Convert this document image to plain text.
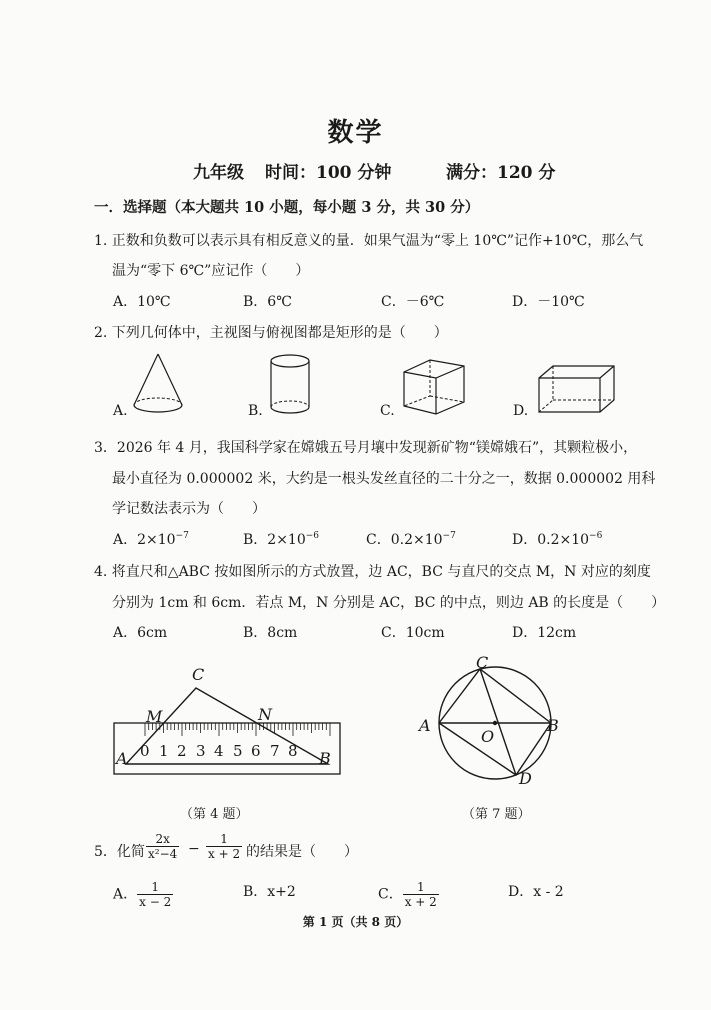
数学
九年级 时间：100 分钟	满分：120 分
一．选择题（本大题共 10 小题，每小题 3 分，共 30 分）
1. 正数和负数可以表示具有相反意义的量．如果气温为“零上 10℃”记作+10℃，那么气
温为“零下 6℃”应记作（　　）
A．10℃	B．6℃	C．－6℃	D．－10℃
2. 下列几何体中，主视图与俯视图都是矩形的是（　　）
A.	B.	C.	D.
3．2026 年 4 月，我国科学家在嫦娥五号月壤中发现新矿物“镁嫦娥石”，其颗粒极小，
最小直径为 0.000002 米，大约是一根头发丝直径的二十分之一，数据 0.000002 用科
学记数法表示为（　　）
A．$2\times 10^{-7}$	B．$2\times 10^{-6}$	C．$0.2\times 10^{-7}$	D．$0.2\times 10^{-6}$
4. 将直尺和△ABC 按如图所示的方式放置，边 AC，BC 与直尺的交点 M，N 对应的刻度
分别为 1cm 和 6cm．若点 M，N 分别是 AC，BC 的中点，则边 AB 的长度是（　　）
A．6cm	B．8cm	C．10cm	D．12cm
0 1 2 3 4 5 6 7 8
C
M	N
A	B
（第 4 题）
C
A
O
B
D
（第 7 题）
5．化简 $\frac{2x}{\text{x²−4}} - \frac{1}{x + 2}$ 的结果是（　　）
A． $\frac{1}{x - 2}$	B．x+2	C． $\frac{1}{x + 2}$	D．x - 2
第 1 页（共 8 页）
